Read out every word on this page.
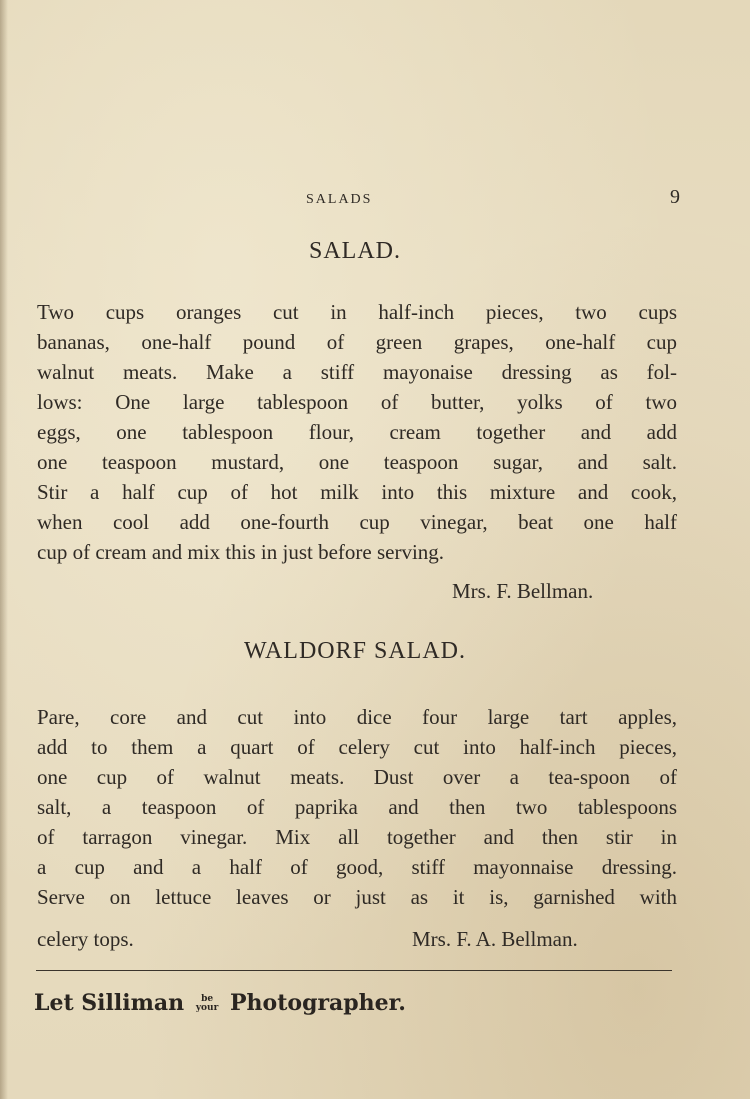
SALADS	9
SALAD.
Two cups oranges cut in half-inch pieces, two cups
bananas, one-half pound of green grapes, one-half cup
walnut meats. Make a stiff mayonaise dressing as fol-
lows: One large tablespoon of butter, yolks of two
eggs, one tablespoon flour, cream together and add
one teaspoon mustard, one teaspoon sugar, and salt.
Stir a half cup of hot milk into this mixture and cook,
when cool add one-fourth cup vinegar, beat one half
cup of cream and mix this in just before serving.
Mrs. F. Bellman.
WALDORF SALAD.
Pare, core and cut into dice four large tart apples,
add to them a quart of celery cut into half-inch pieces,
one cup of walnut meats. Dust over a tea-spoon of
salt, a teaspoon of paprika and then two tablespoons
of tarragon vinegar. Mix all together and then stir in
a cup and a half of good, stiff mayonnaise dressing.
Serve on lettuce leaves or just as it is, garnished with
celery tops.	Mrs. F. A. Bellman.
Let Silliman	be
your Photographer.
